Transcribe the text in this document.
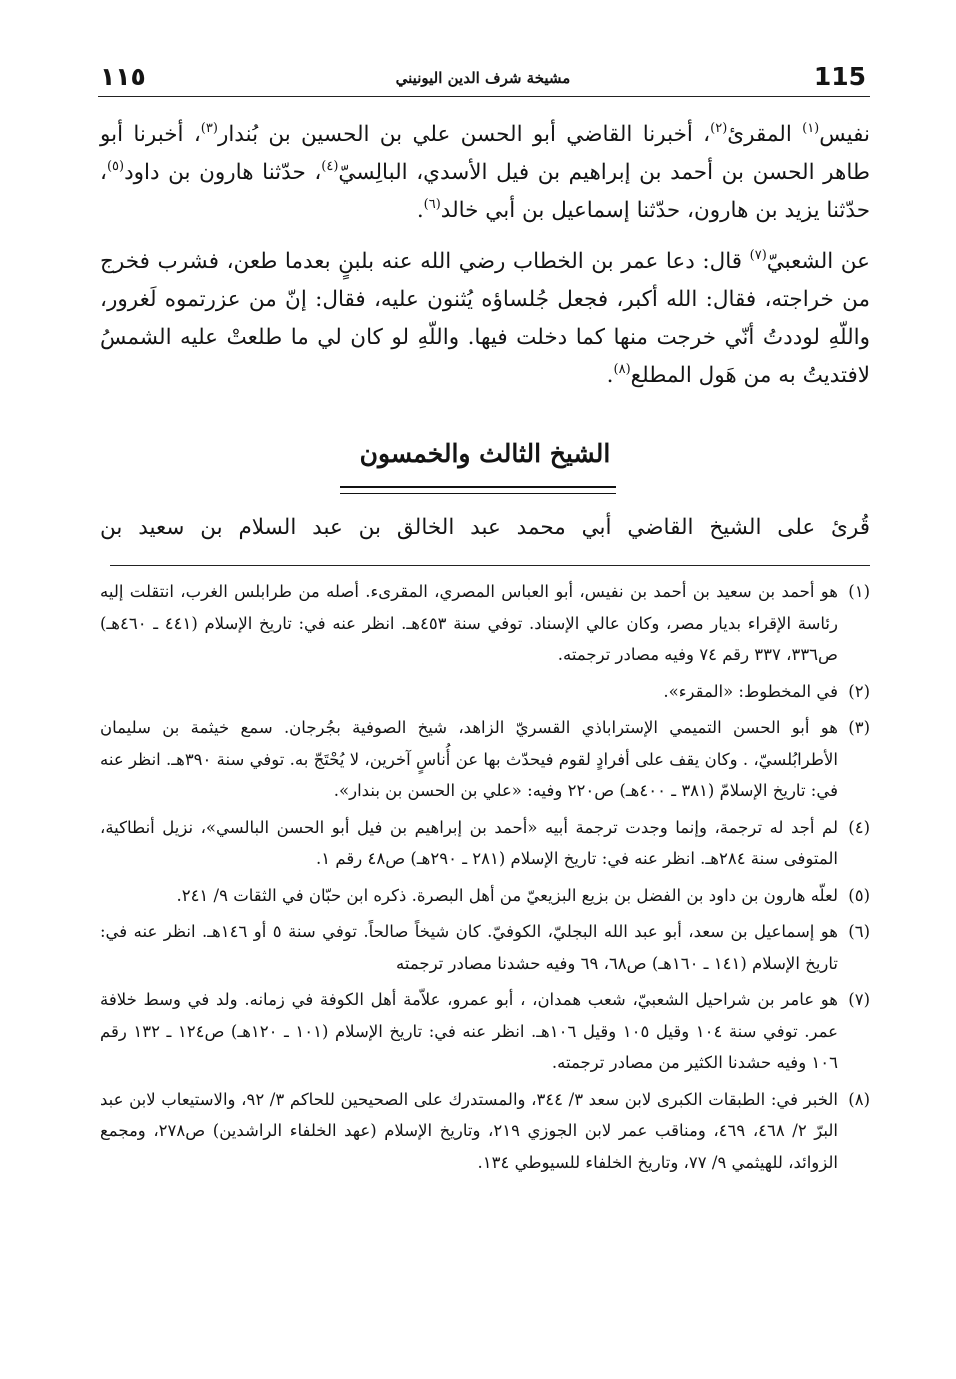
115
مشيخة شرف الدين اليونيني
١١٥

نفيس$^{(١)}$ المقرئ$^{(٢)}$، أخبرنا القاضي أبو الحسن علي بن الحسين بن بُندار$^{(٣)}$، أخبرنا أبو طاهر الحسن بن أحمد بن إبراهيم بن فيل الأسدي، البالِسيّ$^{(٤)}$، حدّثنا هارون بن داود$^{(٥)}$، حدّثنا يزيد بن هارون، حدّثنا إسماعيل بن أبي خالد$^{(٦)}$.

عن الشعبيّ$^{(٧)}$ قال: دعا عمر بن الخطاب رضي الله عنه بلبنٍ بعدما طعن، فشرب فخرج من خراجته، فقال: الله أكبر، فجعل جُلساؤه يُثنون عليه، فقال: إنّ من عزرتموه لَغرور، واللّهِ لوددتُ أنّي خرجت منها كما دخلت فيها. واللّهِ لو كان لي ما طلعتْ عليه الشمسُ لافتديتُ به من هَول المطلع$^{(٨)}$.

الشيخ الثالث والخمسون
قُرئ على الشيخ القاضي أبي محمد عبد الخالق بن عبد السلام بن سعيد بن
(١)
هو أحمد بن سعيد بن أحمد بن نفيس، أبو العباس المصري، المقرىء. أصله من طرابلس الغرب، انتقلت إليه رئاسة الإقراء بديار مصر، وكان عالي الإسناد. توفي سنة ٤٥٣هـ. انظر عنه في: تاريخ الإسلام (٤٤١ ـ ٤٦٠هـ) ص٣٣٦، ٣٣٧ رقم ٧٤ وفيه مصادر ترجمته.
(٢)
في المخطوط: «المقرء».
(٣)
هو أبو الحسن التميمي الإستراباذي القسريّ الزاهد، شيخ الصوفية بجُرجان. سمع خيثمة بن سليمان الأطرابُلسيّ، . وكان يقف على أفرادٍ لقوم فيحدّث بها عن أُناسٍ آخرين، لا يُحْتَجّ به. توفي سنة ٣٩٠هـ. انظر عنه في: تاريخ الإسلامّ (٣٨١ ـ ٤٠٠هـ) ص٢٢٠ وفيه: «علي بن الحسن بن بندار».
(٤)
لم أجد له ترجمة، وإنما وجدت ترجمة أبيه «أحمد بن إبراهيم بن فيل أبو الحسن البالسي»، نزيل أنطاكية، المتوفى سنة ٢٨٤هـ. انظر عنه في: تاريخ الإسلام (٢٨١ ـ ٢٩٠هـ) ص٤٨ رقم ١.
(٥)
لعلّه هارون بن داود بن الفضل بن بزيع البزيعيّ من أهل البصرة. ذكره ابن حبّان في الثقات ٩/ ٢٤١.
(٦)
هو إسماعيل بن سعد، أبو عبد الله البجليّ، الكوفيّ. كان شيخاً صالحاً. توفي سنة ٥ أو ١٤٦هـ. انظر عنه في: تاريخ الإسلام (١٤١ ـ ١٦٠هـ) ص٦٨، ٦٩ وفيه حشدنا مصادر ترجمته
(٧)
هو عامر بن شراحيل الشعبيّ، شعب همدان، ، أبو عمرو، علاّمة أهل الكوفة في زمانه. ولد في وسط خلافة عمر. توفي سنة ١٠٤ وقيل ١٠٥ وقيل ١٠٦هـ. انظر عنه في: تاريخ الإسلام (١٠١ ـ ١٢٠هـ) ص١٢٤ ـ ١٣٢ رقم ١٠٦ وفيه حشدنا الكثير من مصادر ترجمته.
(٨)
الخبر في: الطبقات الكبرى لابن سعد ٣/ ٣٤٤، والمستدرك على الصحيحين للحاكم ٣/ ٩٢، والاستيعاب لابن عبد البرّ ٢/ ٤٦٨، ٤٦٩، ومناقب عمر لابن الجوزي ٢١٩، وتاريخ الإسلام (عهد الخلفاء الراشدين) ص٢٧٨، ومجمع الزوائد، للهيثمي ٩/ ٧٧، وتاريخ الخلفاء للسيوطي ١٣٤.
